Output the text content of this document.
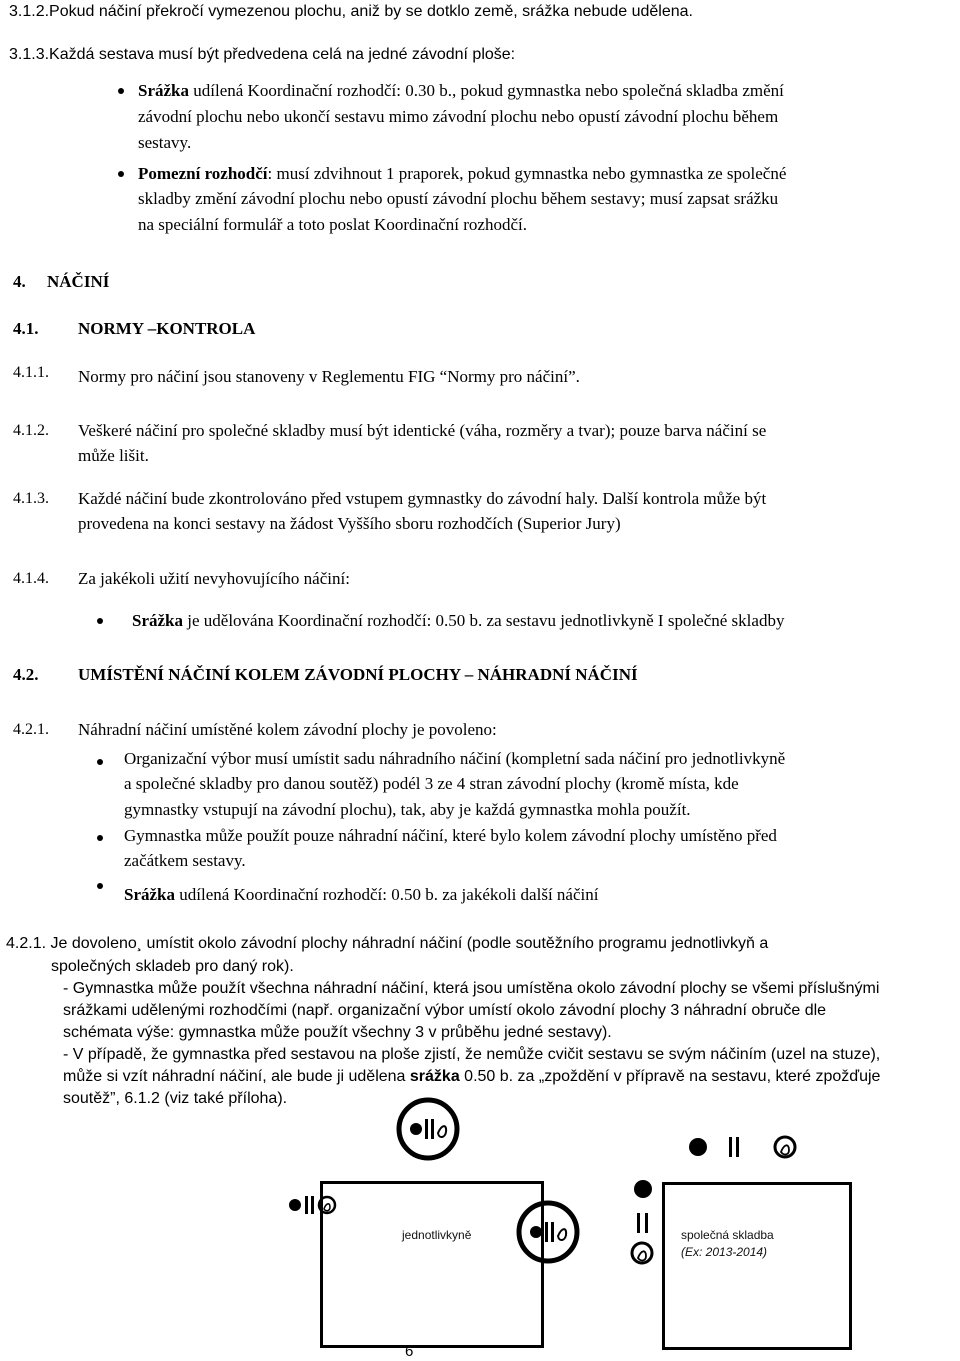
3.1.2.Pokud náčiní překročí vymezenou plochu, aniž by se dotklo země, srážka nebude udělena.
3.1.3.Každá sestava musí být předvedena celá na jedné závodní ploše:
Srážka udílená Koordinační rozhodčí: 0.30 b., pokud gymnastka nebo společná skladba změní
závodní plochu nebo ukončí sestavu mimo závodní plochu nebo opustí závodní plochu během
sestavy.
Pomezní rozhodčí: musí zdvihnout 1 praporek, pokud gymnastka nebo gymnastka ze společné
skladby změní závodní plochu nebo opustí závodní plochu během sestavy; musí zapsat srážku
na speciální formulář a toto poslat Koordinační rozhodčí.
4. NÁČINÍ
4.1. NORMY –KONTROLA
4.1.1. Normy pro náčiní jsou stanoveny v Reglementu FIG “Normy pro náčiní”.
4.1.2. Veškeré náčiní pro společné skladby musí být identické (váha, rozměry a tvar); pouze barva náčiní se
může lišit.
4.1.3. Každé náčiní bude zkontrolováno před vstupem gymnastky do závodní haly. Další kontrola může být
provedena na konci sestavy na žádost Vyššího sboru rozhodčích (Superior Jury)
4.1.4. Za jakékoli užití nevyhovujícího náčiní:
Srážka je udělována Koordinační rozhodčí: 0.50 b. za sestavu jednotlivkyně I společné skladby
4.2. UMÍSTĚNÍ NÁČINÍ KOLEM ZÁVODNÍ PLOCHY – NÁHRADNÍ NÁČINÍ
4.2.1. Náhradní náčiní umístěné kolem závodní plochy je povoleno:
Organizační výbor musí umístit sadu náhradního náčiní (kompletní sada náčiní pro jednotlivkyně
a společné skladby pro danou soutěž) podél 3 ze 4 stran závodní plochy (kromě místa, kde
gymnastky vstupují na závodní plochu), tak, aby je každá gymnastka mohla použít.
Gymnastka může použít pouze náhradní náčiní, které bylo kolem závodní plochy umístěno před
začátkem sestavy.
Srážka udílená Koordinační rozhodčí: 0.50 b. za jakékoli další náčiní
4.2.1. Je dovoleno¸ umístit okolo závodní plochy náhradní náčiní (podle soutěžního programu jednotlivkyň a
společných skladeb pro daný rok).
- Gymnastka může použít všechna náhradní náčiní, která jsou umístěna okolo závodní plochy se všemi příslušnými
srážkami udělenými rozhodčími (např. organizační výbor umístí okolo závodní plochy 3 náhradní obruče dle
schémata výše: gymnastka může použít všechny 3 v průběhu jedné sestavy).
- V případě, že gymnastka před sestavou na ploše zjistí, že nemůže cvičit sestavu se svým náčiním (uzel na stuze),
může si vzít náhradní náčiní, ale bude ji udělena srážka 0.50 b. za „zpoždění v přípravě na sestavu, které zpožďuje
soutěž”, 6.1.2 (viz také příloha).
jednotlivkyně	společná skladba
(Ex: 2013-2014)
6
